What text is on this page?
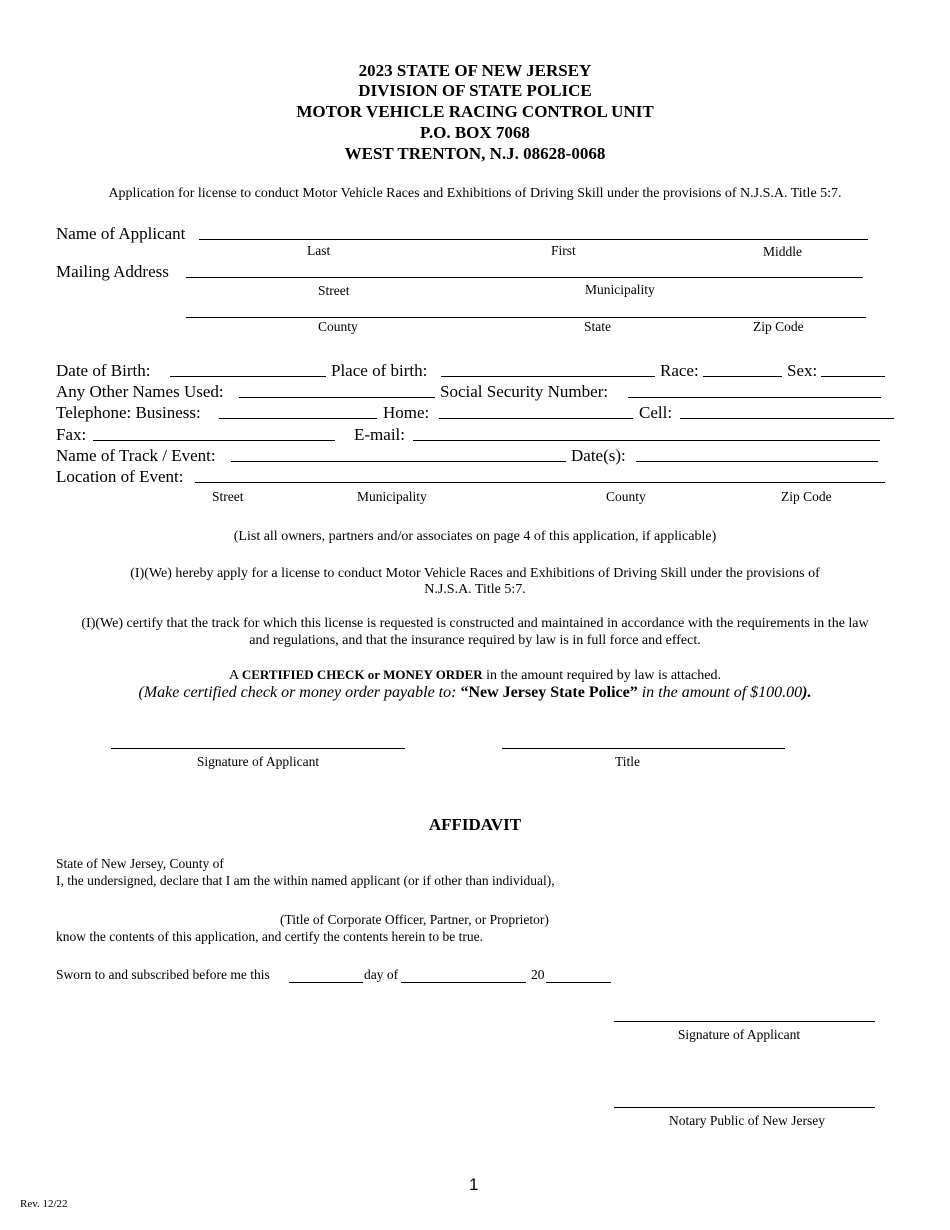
2023 STATE OF NEW JERSEY
DIVISION OF STATE POLICE
MOTOR VEHICLE RACING CONTROL UNIT
P.O. BOX 7068
WEST TRENTON, N.J. 08628-0068
Application for license to conduct Motor Vehicle Races and Exhibitions of Driving Skill under the provisions of N.J.S.A. Title 5:7.
Name of Applicant
Last	First	Middle
Mailing Address
Street	Municipality
County	State	Zip Code
Date of Birth:	Place of birth:	Race:	Sex:
Any Other Names Used:	Social Security Number:
Telephone: Business:	Home:	Cell:
Fax:	E-mail:
Name of Track / Event:	Date(s):
Location of Event:
Street	Municipality	County	Zip Code
(List all owners, partners and/or associates on page 4 of this application, if applicable)
(I)(We) hereby apply for a license to conduct Motor Vehicle Races and Exhibitions of Driving Skill under the provisions of
N.J.S.A. Title 5:7.
(I)(We) certify that the track for which this license is requested is constructed and maintained in accordance with the requirements in the law
and regulations, and that the insurance required by law is in full force and effect.
A CERTIFIED CHECK or MONEY ORDER in the amount required by law is attached.
(Make certified check or money order payable to: “New Jersey State Police” in the amount of $100.00).
Signature of Applicant	Title
AFFIDAVIT
State of New Jersey, County of
I, the undersigned, declare that I am the within named applicant (or if other than individual),
(Title of Corporate Officer, Partner, or Proprietor)
know the contents of this application, and certify the contents herein to be true.
Sworn to and subscribed before me this	day of	20
Signature of Applicant
Notary Public of New Jersey
1
Rev. 12/22
